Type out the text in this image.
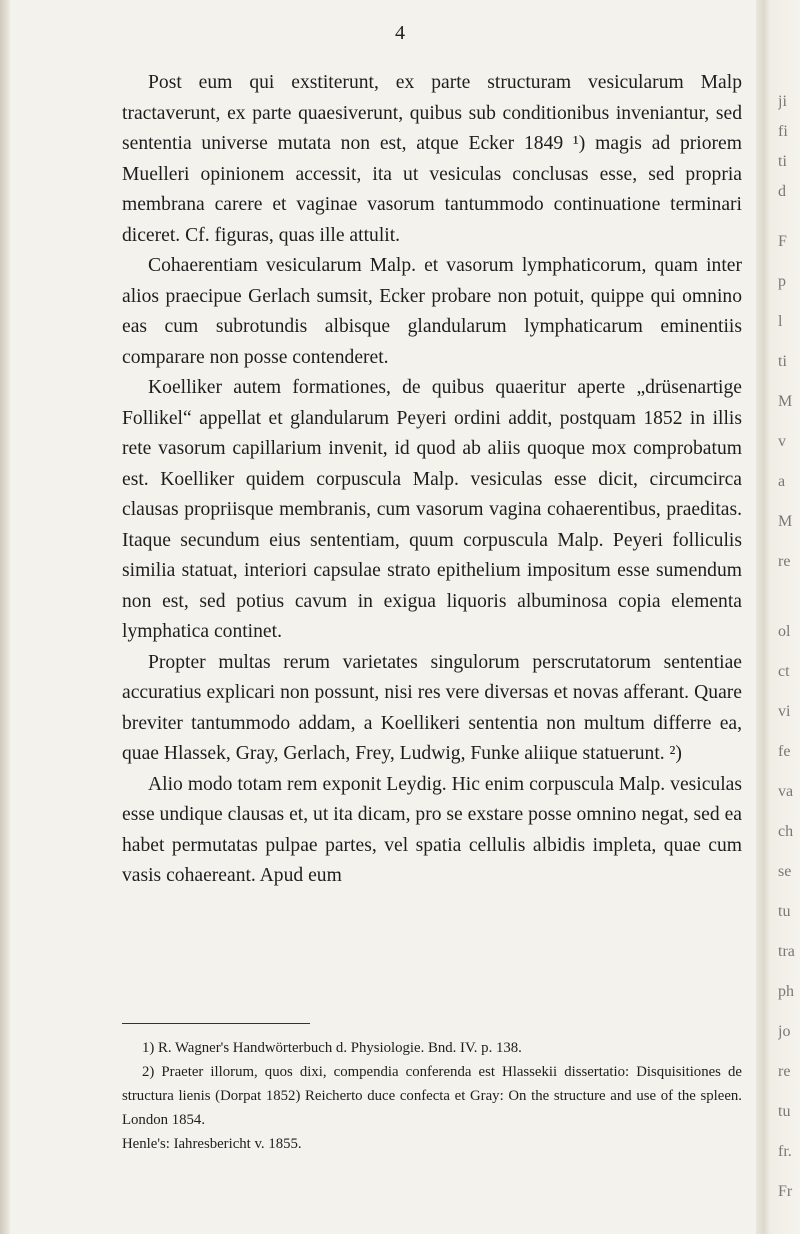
4

Post eum qui exstiterunt, ex parte structuram vesicularum Malp tractaverunt, ex parte quaesiverunt, quibus sub conditionibus inveniantur, sed sententia universe mutata non est, atque Ecker 1849 ¹) magis ad priorem Muelleri opinionem accessit, ita ut vesiculas conclusas esse, sed propria membrana carere et vaginae vasorum tantummodo continuatione terminari diceret. Cf. figuras, quas ille attulit.

Cohaerentiam vesicularum Malp. et vasorum lymphaticorum, quam inter alios praecipue Gerlach sumsit, Ecker probare non potuit, quippe qui omnino eas cum subrotundis albisque glandularum lymphaticarum eminentiis comparare non posse contenderet.

Koelliker autem formationes, de quibus quaeritur aperte „drüsenartige Follikel“ appellat et glandularum Peyeri ordini addit, postquam 1852 in illis rete vasorum capillarium invenit, id quod ab aliis quoque mox comprobatum est. Koelliker quidem corpuscula Malp. vesiculas esse dicit, circumcirca clausas propriisque membranis, cum vasorum vagina cohaerentibus, praeditas. Itaque secundum eius sententiam, quum corpuscula Malp. Peyeri folliculis similia statuat, interiori capsulae strato epithelium impositum esse sumendum non est, sed potius cavum in exigua liquoris albuminosa copia elementa lymphatica continet.

Propter multas rerum varietates singulorum perscrutatorum sententiae accuratius explicari non possunt, nisi res vere diversas et novas afferant. Quare breviter tantummodo addam, a Koellikeri sententia non multum differre ea, quae Hlassek, Gray, Gerlach, Frey, Ludwig, Funke aliique statuerunt. ²)

Alio modo totam rem exponit Leydig. Hic enim corpuscula Malp. vesiculas esse undique clausas et, ut ita dicam, pro se exstare posse omnino negat, sed ea habet permutatas pulpae partes, vel spatia cellulis albidis impleta, quae cum vasis cohaereant. Apud eum

1) R. Wagner's Handwörterbuch d. Physiologie. Bnd. IV. p. 138.

2) Praeter illorum, quos dixi, compendia conferenda est Hlassekii dissertatio: Disquisitiones de structura lienis (Dorpat 1852) Reicherto duce confecta et Gray: On the structure and use of the spleen. London 1854.

Henle's: Iahresbericht v. 1855.

ji
fi
ti
d
F
p
l
ti
M
v
a
M
re
ol
ct
vi
fe
va
ch
se
tu
tra
ph
jo
re
tu
fr.
Fr
